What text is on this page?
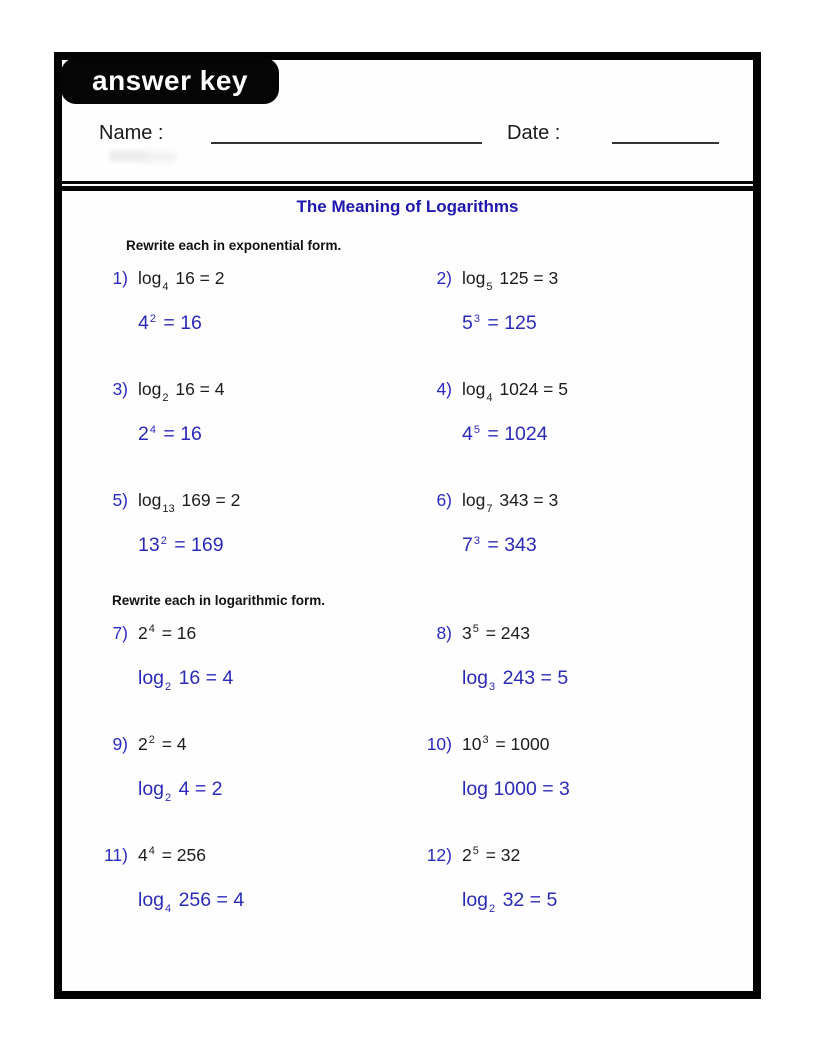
Name :	Date :
The Meaning of Logarithms
Rewrite each in exponential form.
1) $\log_4 16 = 2$
$4^2 = 16$
2) $\log_5 125 = 3$
$5^3 = 125$
3) $\log_2 16 = 4$
$2^4 = 16$
4) $\log_4 1024 = 5$
$4^5 = 1024$
5) $\log_{13} 169 = 2$
$13^2 = 169$
6) $\log_7 343 = 3$
$7^3 = 343$
Rewrite each in logarithmic form.
7) $2^4 = 16$
$\log_2 16 = 4$
8) $3^5 = 243$
$\log_3 243 = 5$
9) $2^2 = 4$
$\log_2 4 = 2$
10) $10^3 = 1000$
log 1000 = 3
11) $4^4 = 256$
$\log_4 256 = 4$
12) $2^5 = 32$
$\log_2 32 = 5$
answer key
